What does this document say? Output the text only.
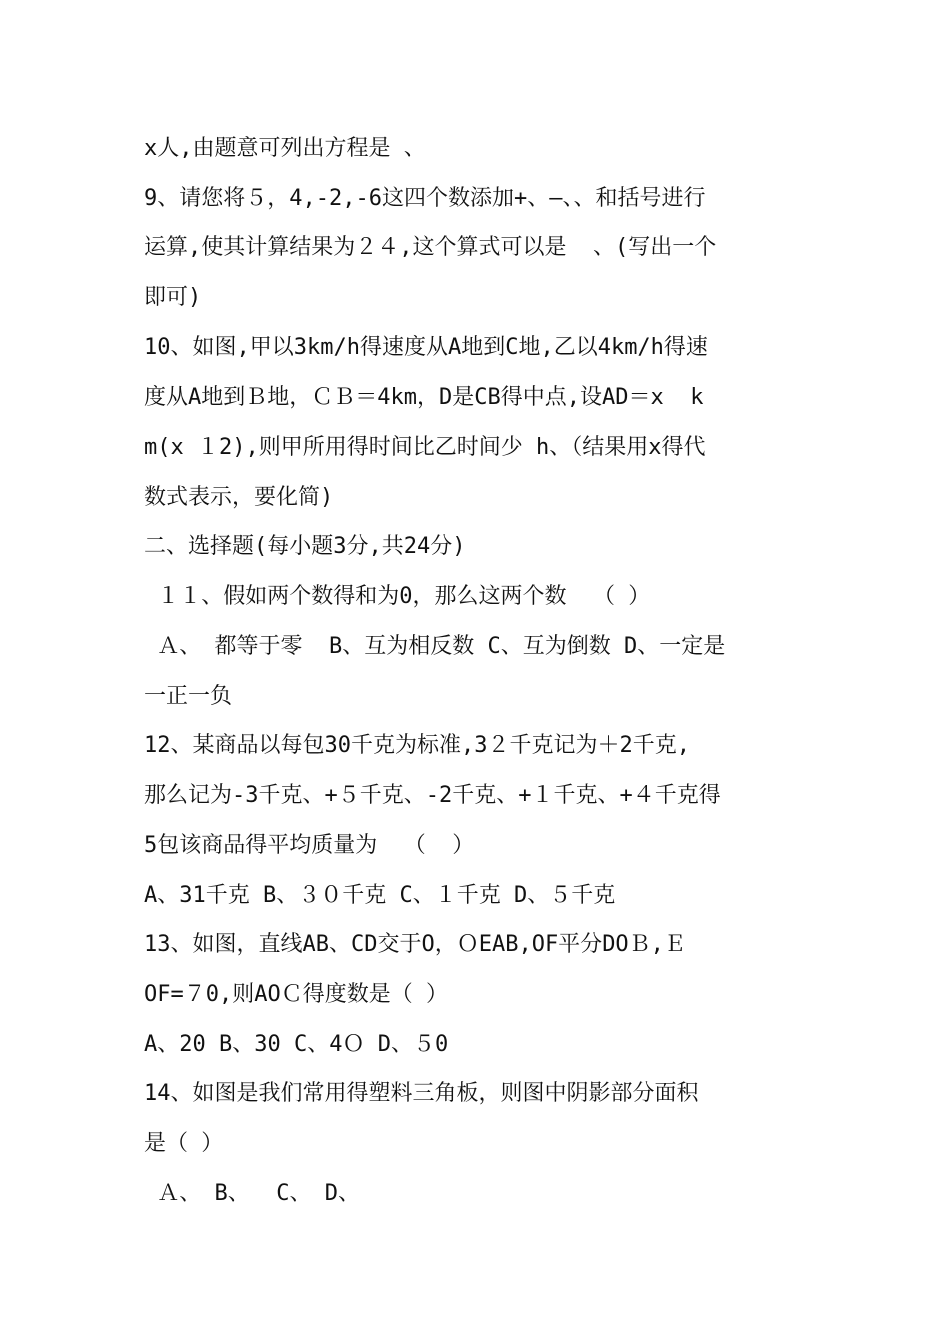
x人,由题意可列出方程是 、
9、请您将５，4,-2,-6这四个数添加+、—、、和括号进行
运算,使其计算结果为２４,这个算式可以是  、(写出一个
即可)
10、如图,甲以3km/h得速度从A地到C地,乙以4km/h得速
度从A地到Ｂ地，ＣＢ＝4km，D是CB得中点,设AD＝x  k
m(x １2),则甲所用得时间比乙时间少 h、（结果用x得代
数式表示，要化简)
二、选择题(每小题3分,共24分)
１１、假如两个数得和为0，那么这两个数  （ ）
Ａ、 都等于零  B、互为相反数 C、互为倒数 D、一定是
一正一负
12、某商品以每包30千克为标准,3２千克记为＋2千克,
那么记为-3千克、+５千克、-2千克、+１千克、+４千克得
5包该商品得平均质量为  （  ）
A、31千克 B、３０千克 C、１千克 D、５千克
13、如图，直线AB、CD交于O，ＯEAB,OF平分DOＢ,Ｅ
OF=７0,则AOＣ得度数是（ ）
A、20 B、30 C、4Ｏ D、５0
14、如图是我们常用得塑料三角板，则图中阴影部分面积
是（ ）
Ａ、 B、  C、 D、
